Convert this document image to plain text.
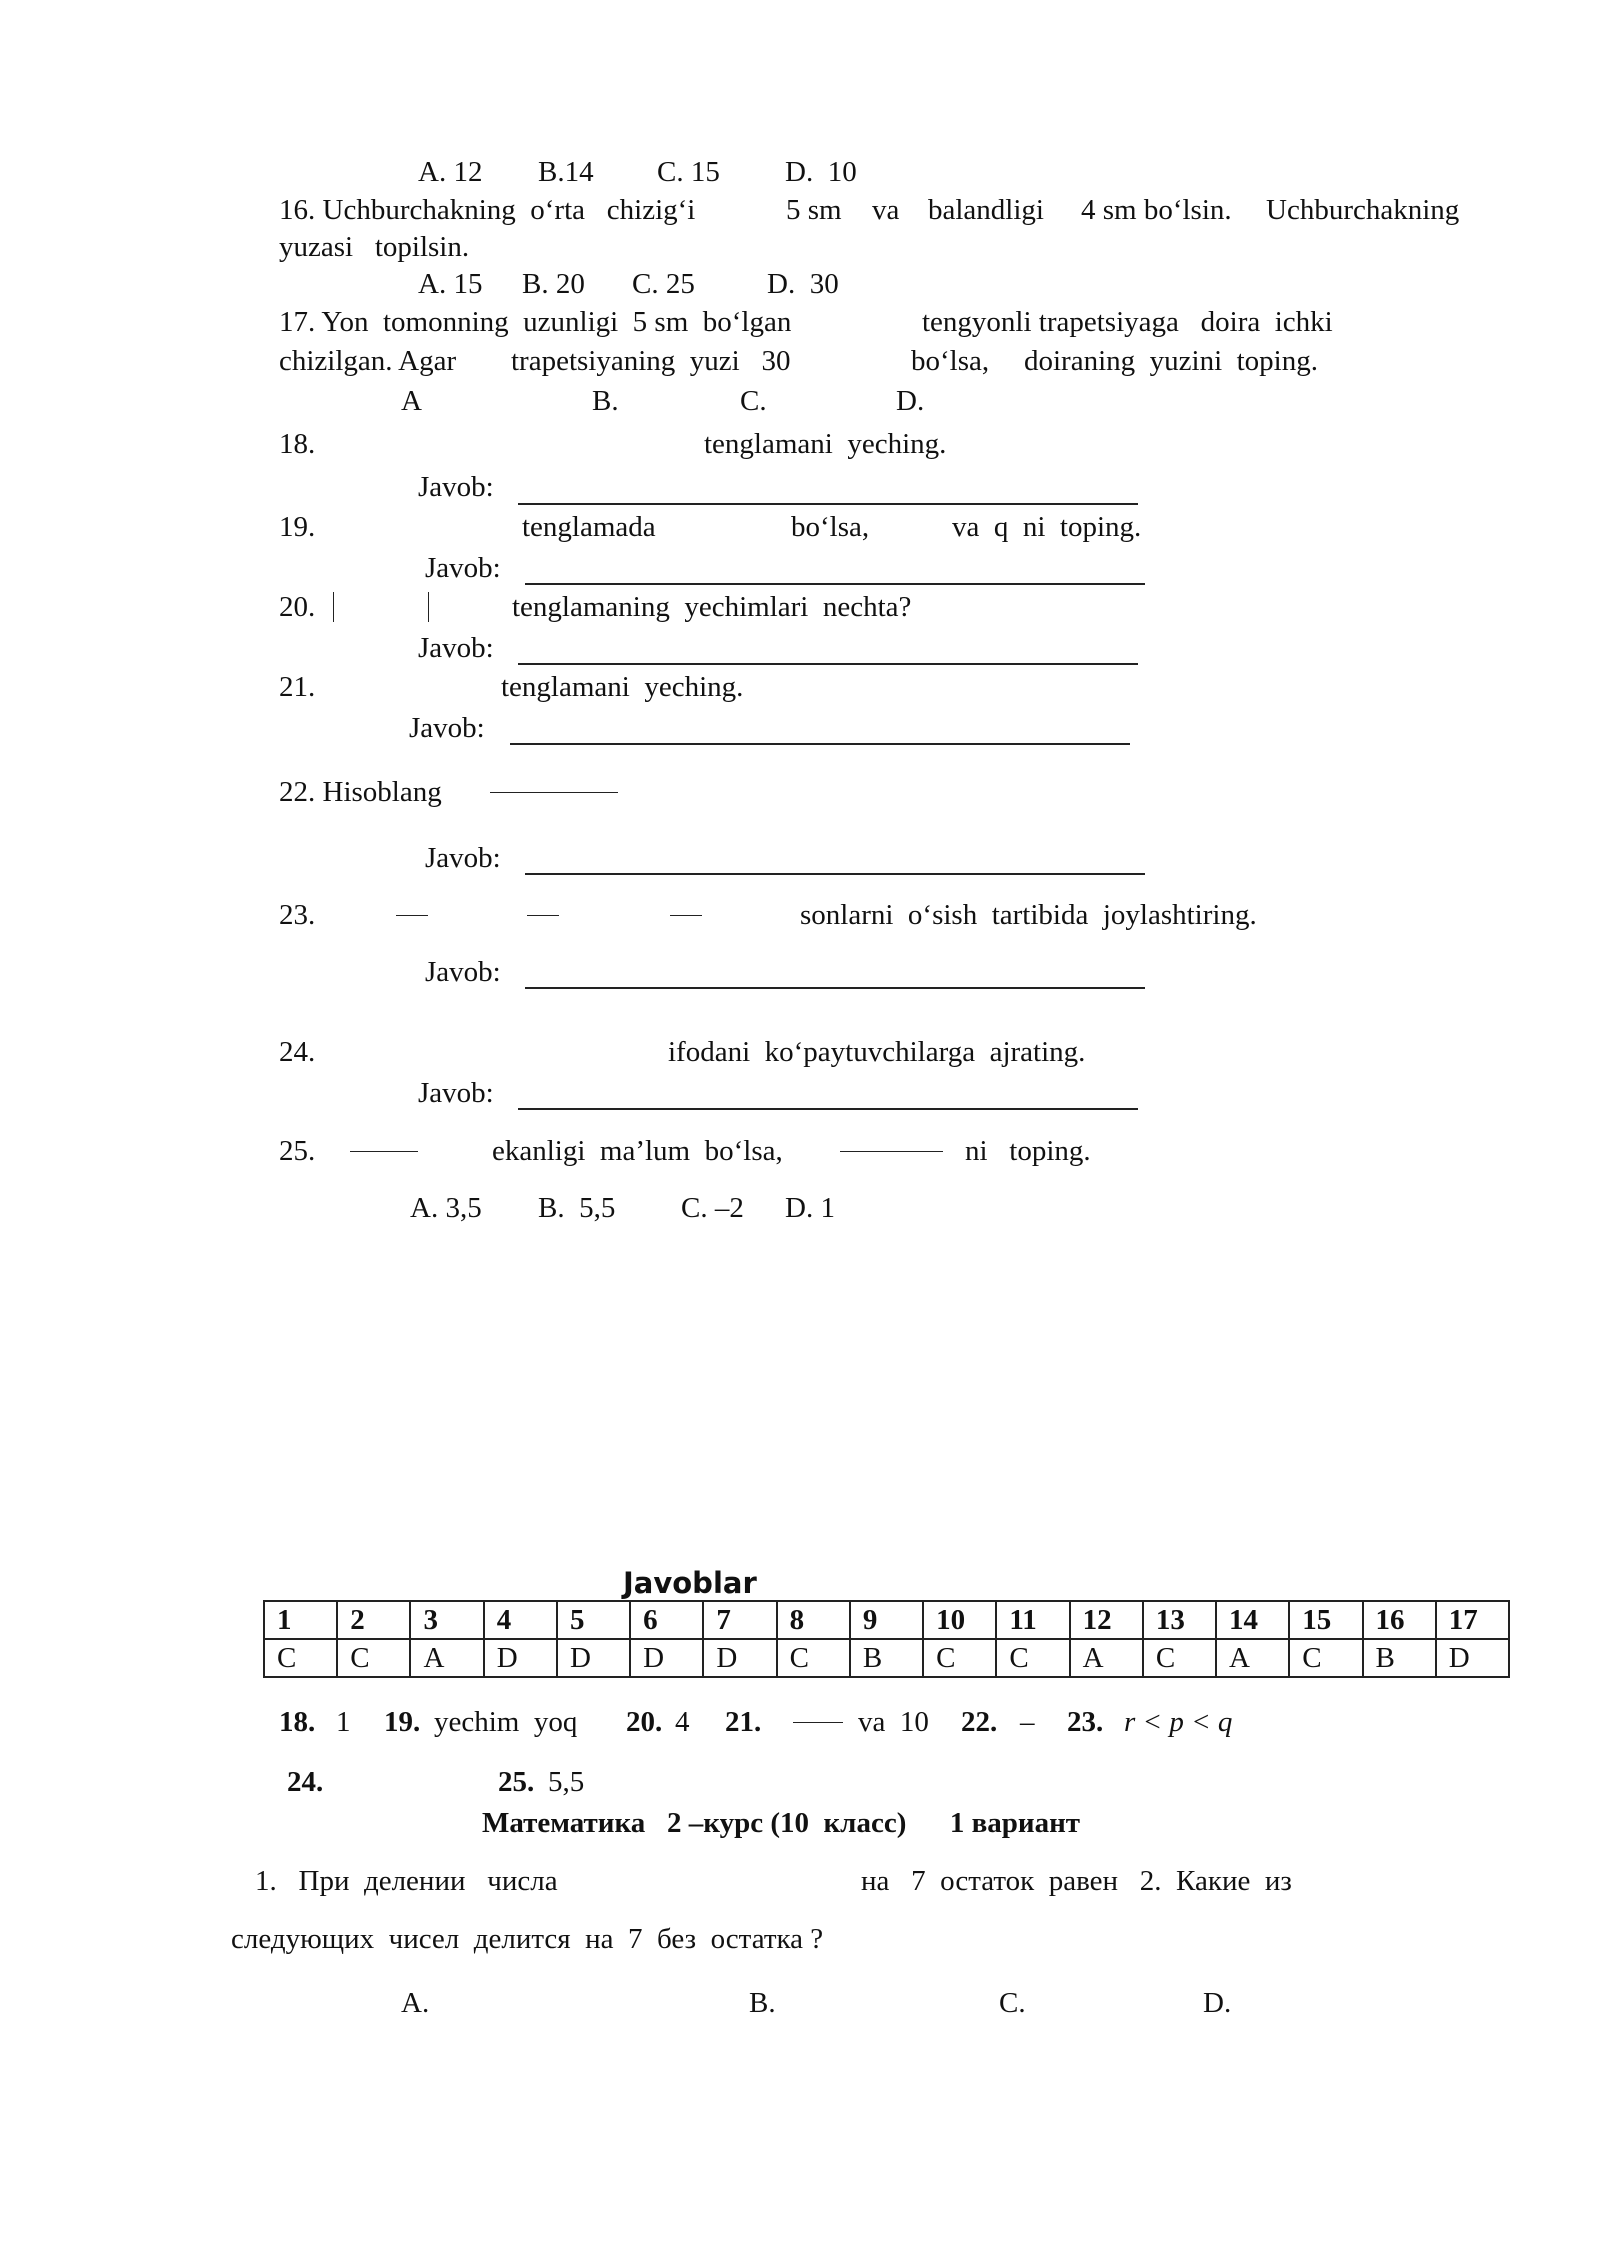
A. 12 B.14 C. 15 D.  10
16. Uchburchakning  o‘rta   chizig‘i	5 sm va balandligi 4 sm bo‘lsin. Uchburchakning
yuzasi   topilsin.
A. 15 B. 20 C. 25 D.  30
17. Yon  tomonning  uzunligi  5 sm  bo‘lgan	tengyonli trapetsiyaga   doira  ichki
chizilgan. Agar trapetsiyaning  yuzi   30	bo‘lsa, doiraning  yuzini  toping.
A	B.	C.	D.
18.	tenglamani  yeching.
Javob:
19.	tenglamada	bo‘lsa,	va  q  ni  toping.
Javob:
20.	tenglamaning  yechimlari  nechta?
Javob:
21.	tenglamani  yeching.
Javob:
22. Hisoblang
Javob:
23.	sonlarni  o‘sish  tartibida  joylashtiring.
Javob:
24.	ifodani  ko‘paytuvchilarga  ajrating.
Javob:
25.	ekanligi  ma’lum  bo‘lsa,	ni   toping.
A. 3,5 B.  5,5 C. –2 D. 1
Javoblar
1	2	3	4	5	6	7	8	9	10	11	12	13	14	15	16	17
C	C	A	D	D	D	D	C	B	C	C	A	C	A	C	B	D
18. 1 19. yechim  yoq 20. 4 21.	va  10 22. – 23. r < p < q
24.	25. 5,5
Математика   2 –курс (10  класс)      1 вариант
1.   При  делении   числа	на   7  остаток  равен   2.  Какие  из
следующих  чисел  делится  на  7  без  остатка ?
A.	B.	C.	D.
